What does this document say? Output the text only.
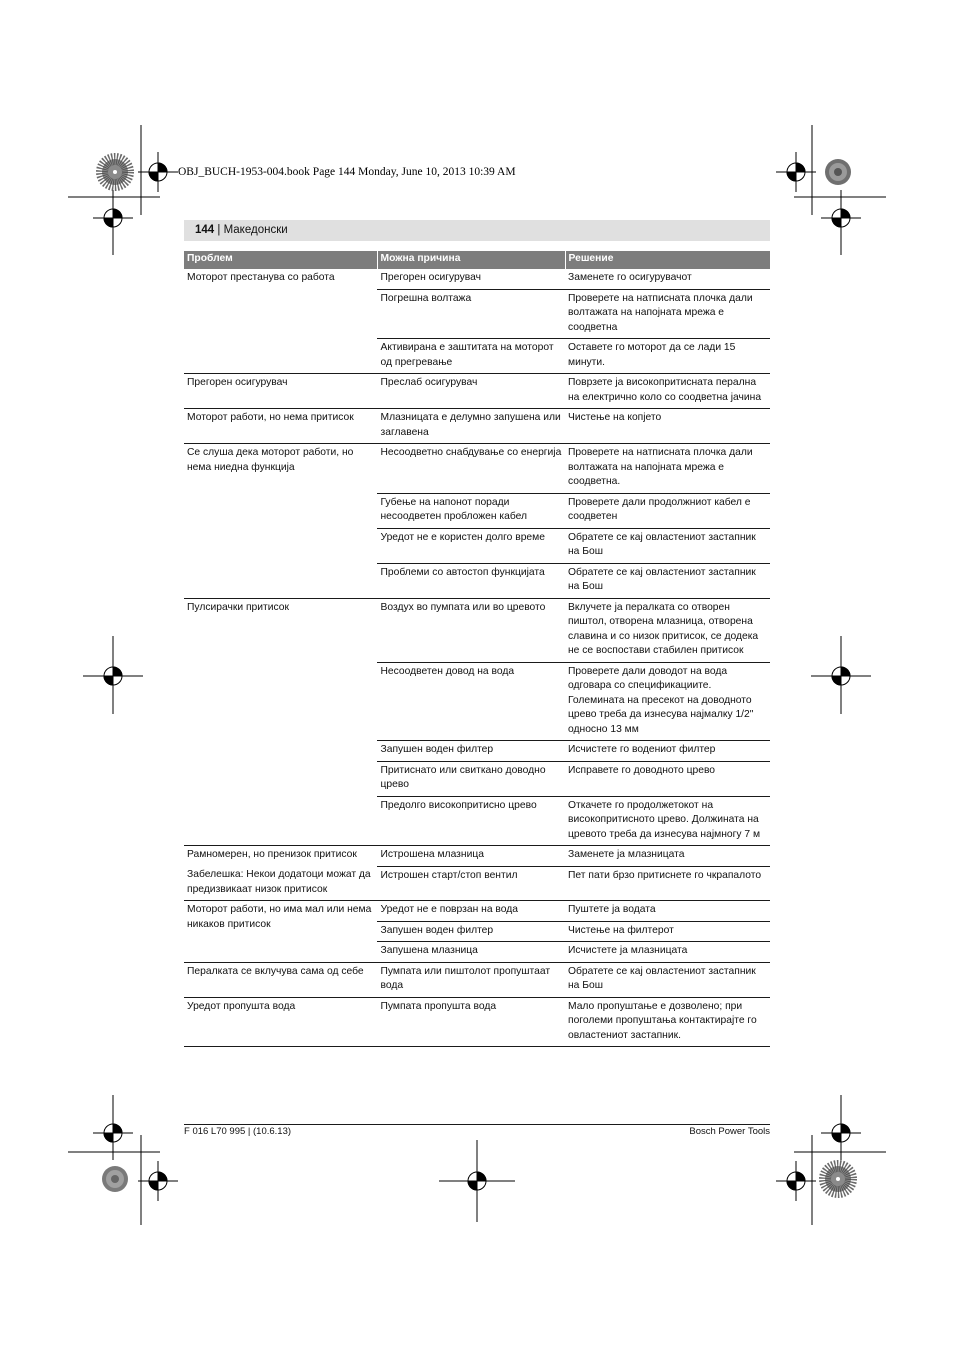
OBJ_BUCH-1953-004.book Page 144 Monday, June 10, 2013 10:39 AM
144 | Македонски
Проблем	Можна причина	Решение
Моторот престанува со работа	Прегорен осигурувач	Заменете го осигурувачот
	Погрешна волтажа	Проверете на натписната плочка дали волтажата на напојната мрежа е соодветна
	Активирана е заштитата на моторот од прегревање	Оставете го моторот да се лади 15 минути.
Прегорен осигурувач	Преслаб осигурувач	Поврзете ја високопритисната перална на електрично коло со соодветна јачина
Моторот работи, но нема притисок	Млазницата е делумно запушена или заглавена	Чистење на копјето
Се слуша дека моторот работи, но нема ниедна функција	Несоодветно снабдување со енергија	Проверете на натписната плочка дали волтажата на напојната мрежа е соодветна.
	Губење на напонот поради несоодветен пробложен кабел	Проверете дали продолжниот кабел е соодветен
	Уредот не е користен долго време	Обратете се кај овластениот застапник на Бош
	Проблеми со автостоп функцијата	Обратете се кај овластениот застапник на Бош
Пулсирачки притисок	Воздух во пумпата или во цревото	Вклучете ја пералката со отворен пиштол, отворена млазница, отворена славина и со низок притисок, се додека не се воспостави стабилен притисок
	Несоодветен довод на вода	Проверете дали доводот на вода одговара со спецификациите. Големината на пресекот на доводното црево треба да изнесува најмалку 1/2" односно 13 мм
	Запушен воден филтер	Исчистете го водениот филтер
	Притиснато или свиткано доводно црево	Исправете го доводното црево
	Предолго високопритисно црево	Откачете го продолжетокот на високопритисното црево. Должината на цревото треба да изнесува најмногу 7 м
Рамномерен, но пренизок притисок	Истрошена млазница	Заменете ја млазницата
Забелешка: Некои додатоци можат да предизвикаат низок притисок	Истрошен старт/стоп вентил	Пет пати брзо притиснете го чкрапалото
Моторот работи, но има мал или нема никаков притисок	Уредот не е поврзан на вода	Пуштете ја водата
	Запушен воден филтер	Чистење на филтерот
	Запушена млазница	Исчистете ја млазницата
Пералката се вклучува сама од себе	Пумпата или пиштолот пропуштаат вода	Обратете се кај овластениот застапник на Бош
Уредот пропушта вода	Пумпата пропушта вода	Мало пропуштање е дозволено; при поголеми пропуштања контактирајте го овластениот застапник.
F 016 L70 995 | (10.6.13)	Bosch Power Tools
